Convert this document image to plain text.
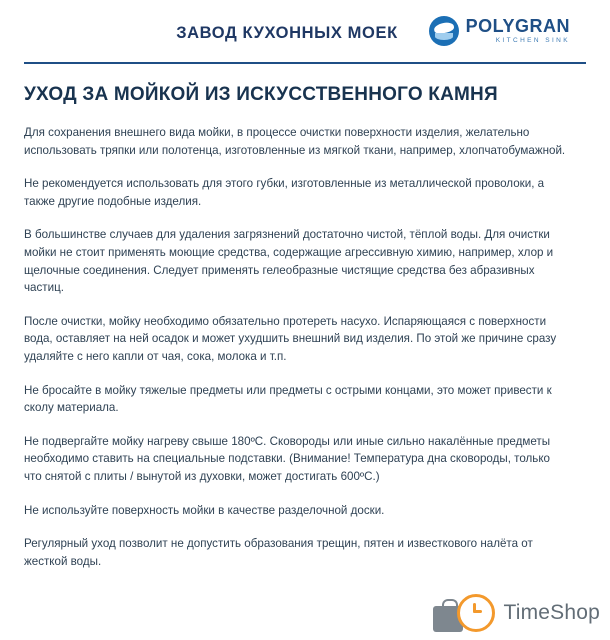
ЗАВОД КУХОННЫХ МОЕК	POLYGRAN
KITCHEN SINK
УХОД ЗА МОЙКОЙ ИЗ ИСКУССТВЕННОГО КАМНЯ

Для сохранения внешнего вида мойки, в процессе очистки поверхности изделия, желательно использовать тряпки или полотенца, изготовленные из мягкой ткани, например, хлопчатобумажной.

Не рекомендуется использовать для этого губки, изготовленные из металлической проволоки, а также другие подобные изделия.

В большинстве случаев для удаления загрязнений достаточно чистой, тёплой воды. Для очистки мойки не стоит применять моющие средства, содержащие агрессивную химию, например, хлор и щелочные соединения. Следует применять гелеобразные чистящие средства без абразивных частиц.

После очистки, мойку необходимо обязательно протереть насухо. Испаряющаяся с поверхности вода, оставляет на ней осадок и может ухудшить внешний вид изделия. По этой же причине сразу удаляйте с него капли от чая, сока, молока и т.п.

Не бросайте в мойку тяжелые предметы или предметы с острыми концами, это может привести к сколу материала.

Не подвергайте мойку нагреву свыше 180ºС. Сковороды или иные сильно накалённые предметы необходимо ставить на специальные подставки. (Внимание! Температура дна сковороды, только что снятой с плиты / вынутой из духовки, может достигать 600ºС.)

Не используйте поверхность мойки в качестве разделочной доски.

Регулярный уход позволит не допустить образования трещин, пятен и известкового налёта от жесткой воды.

TimeShop
